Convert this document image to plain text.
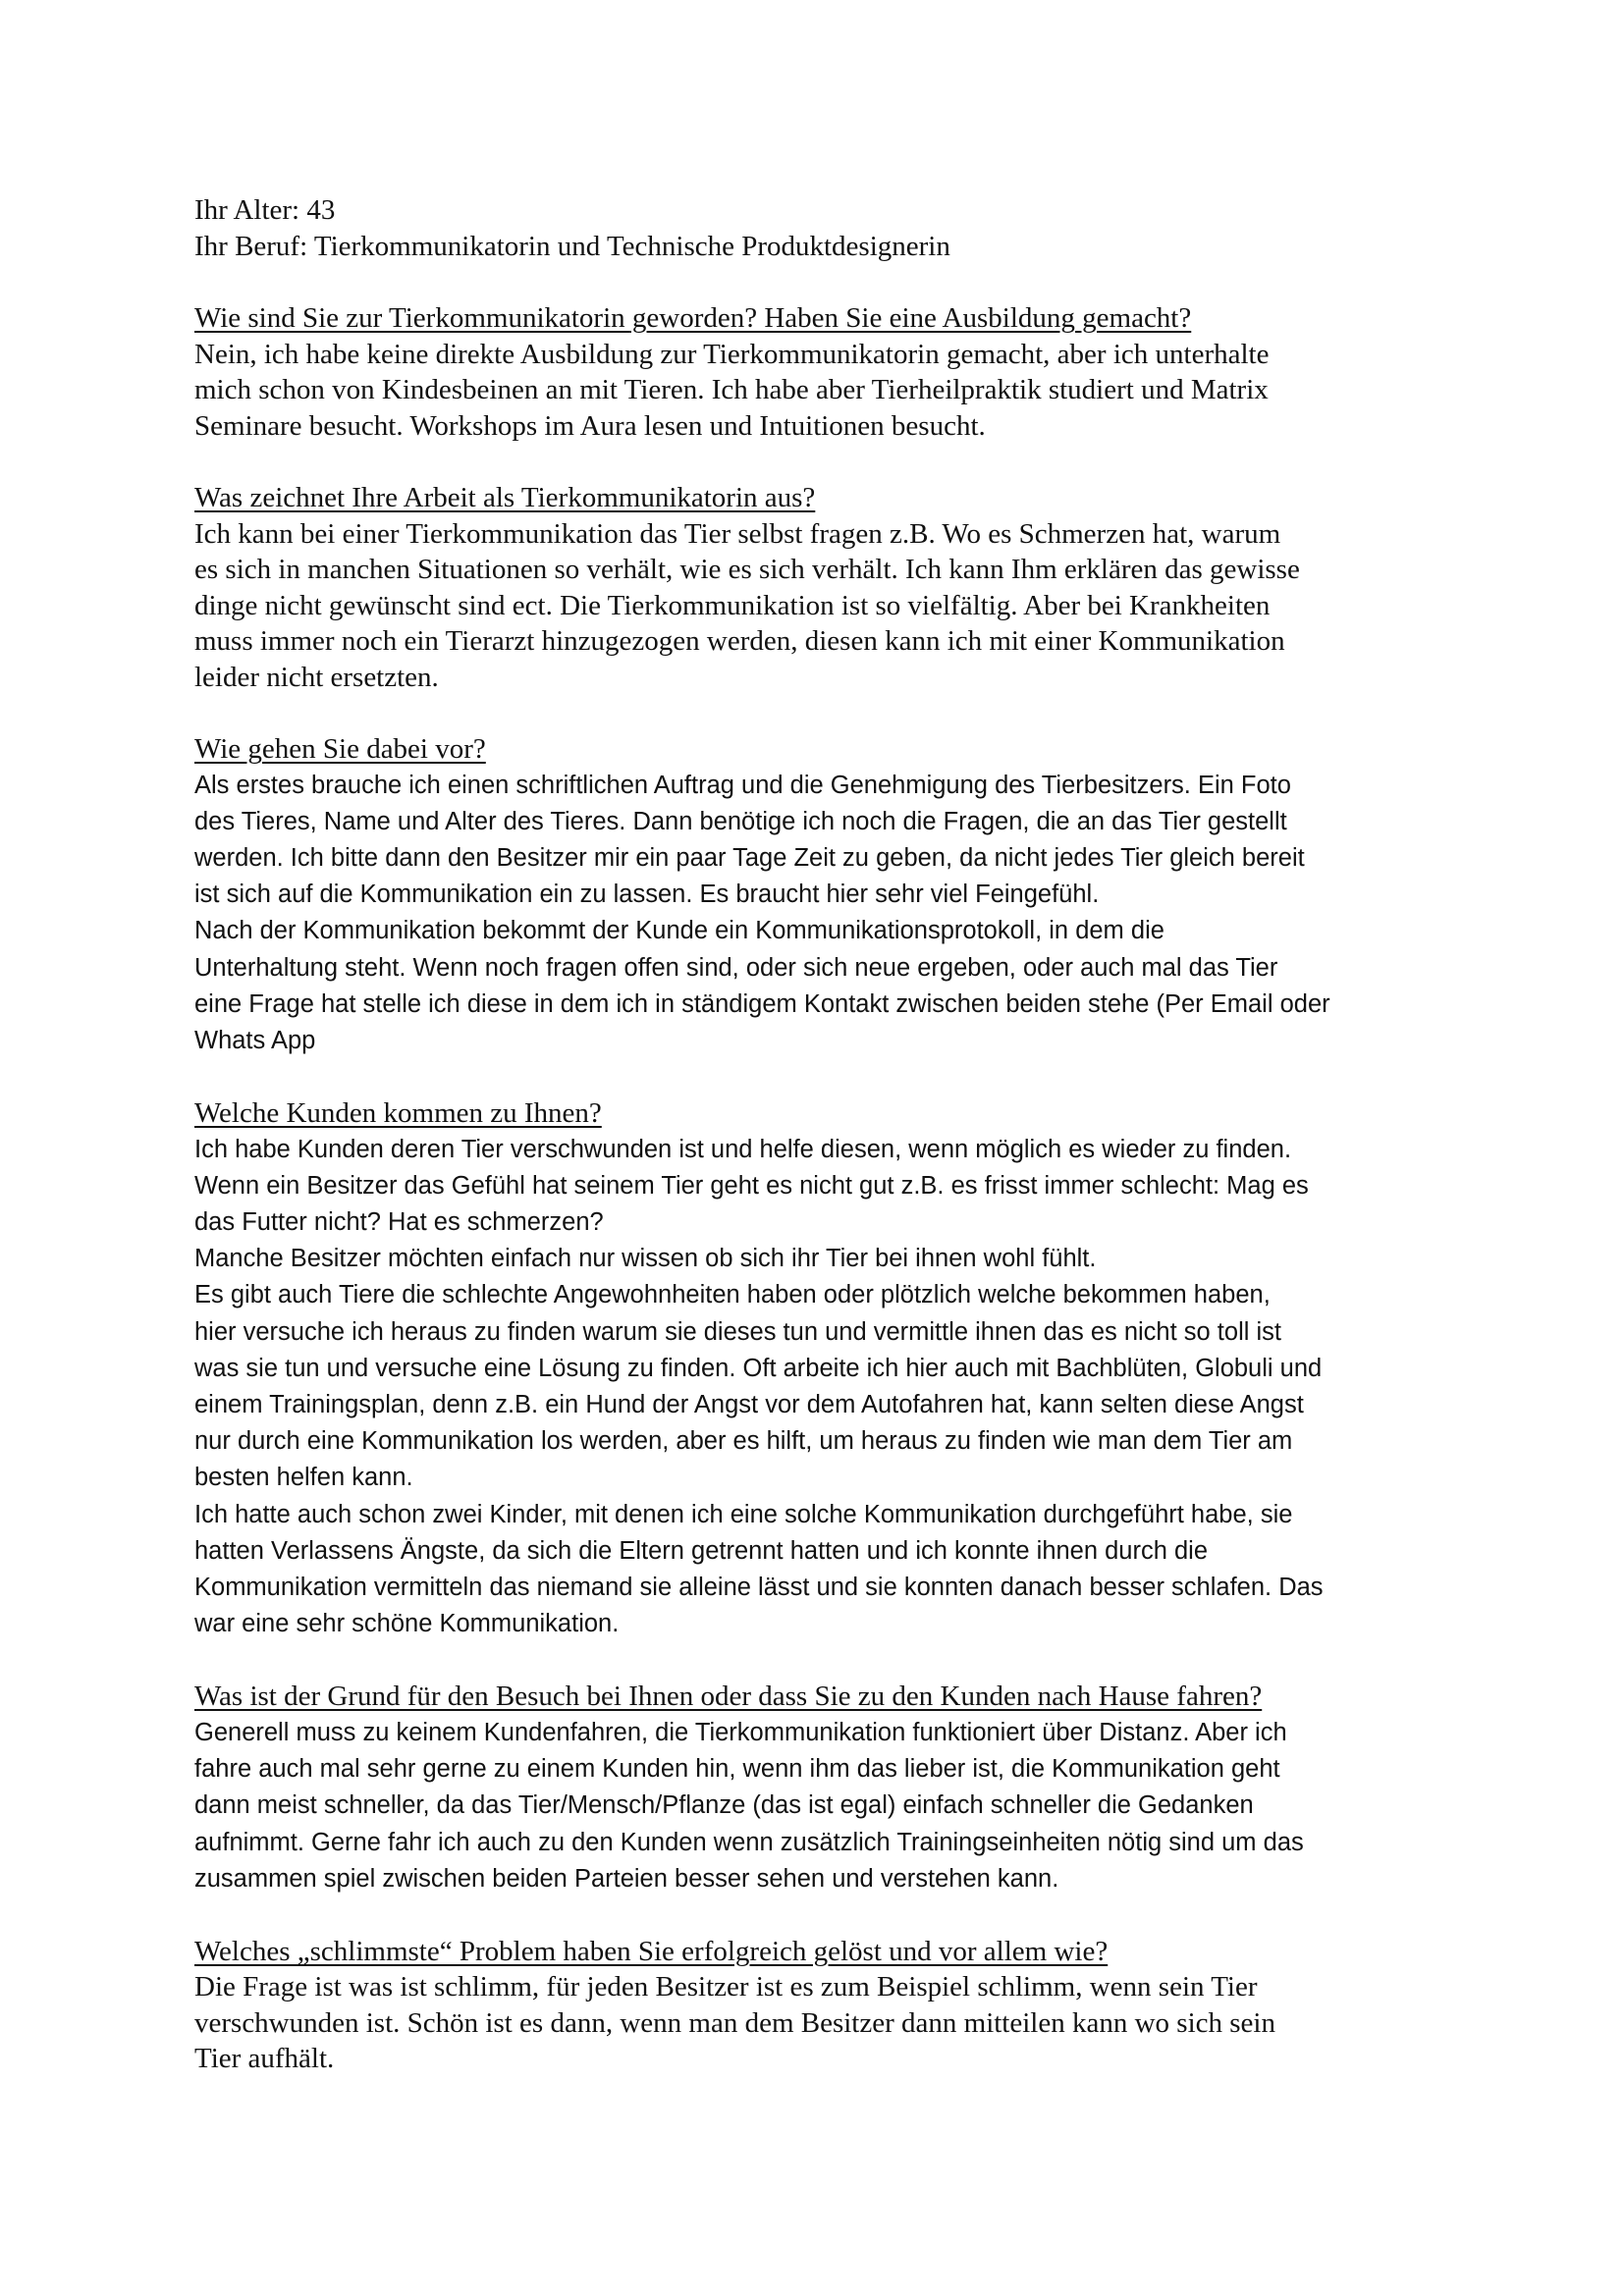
Ihr Alter: 43
Ihr Beruf: Tierkommunikatorin und Technische Produktdesignerin
Wie sind Sie zur Tierkommunikatorin geworden? Haben Sie eine Ausbildung gemacht?
Nein, ich habe keine direkte Ausbildung zur Tierkommunikatorin gemacht, aber ich unterhalte
mich schon von Kindesbeinen an mit Tieren. Ich habe aber Tierheilpraktik studiert und Matrix
Seminare besucht. Workshops im Aura lesen und Intuitionen besucht.
Was zeichnet Ihre Arbeit als Tierkommunikatorin aus?
Ich kann bei einer Tierkommunikation das Tier selbst fragen z.B. Wo es Schmerzen hat, warum
es sich in manchen Situationen so verhält, wie es sich verhält. Ich kann Ihm erklären das gewisse
dinge nicht gewünscht sind ect. Die Tierkommunikation ist so vielfältig. Aber bei Krankheiten
muss immer noch ein Tierarzt hinzugezogen werden, diesen kann ich mit einer Kommunikation
leider nicht ersetzten.
Wie gehen Sie dabei vor?
Als erstes brauche ich einen schriftlichen Auftrag und die Genehmigung des Tierbesitzers. Ein Foto
des Tieres, Name und Alter des Tieres. Dann benötige ich noch die Fragen, die an das Tier gestellt
werden. Ich bitte dann den Besitzer mir ein paar Tage Zeit zu geben, da nicht jedes Tier gleich bereit
ist sich auf die Kommunikation ein zu lassen. Es braucht hier sehr viel Feingefühl.
Nach der Kommunikation bekommt der Kunde ein Kommunikationsprotokoll, in dem die
Unterhaltung steht. Wenn noch fragen offen sind, oder sich neue ergeben, oder auch mal das Tier
eine Frage hat stelle ich diese in dem ich in ständigem Kontakt zwischen beiden stehe (Per Email oder
Whats App
Welche Kunden kommen zu Ihnen?
Ich habe Kunden deren Tier verschwunden ist und helfe diesen, wenn möglich es wieder zu finden.
Wenn ein Besitzer das Gefühl hat seinem Tier geht es nicht gut z.B. es frisst immer schlecht: Mag es
das Futter nicht? Hat es schmerzen?
Manche Besitzer möchten einfach nur wissen ob sich ihr Tier bei ihnen wohl fühlt.
Es gibt auch Tiere die schlechte Angewohnheiten haben oder plötzlich welche bekommen haben,
hier versuche ich heraus zu finden warum sie dieses tun und vermittle ihnen das es nicht so toll ist
was sie tun und versuche eine Lösung zu finden. Oft arbeite ich hier auch mit Bachblüten, Globuli und
einem Trainingsplan, denn z.B. ein Hund der Angst vor dem Autofahren hat, kann selten diese Angst
nur durch eine Kommunikation los werden, aber es hilft, um heraus zu finden wie man dem Tier am
besten helfen kann.
Ich hatte auch schon zwei Kinder, mit denen ich eine solche Kommunikation durchgeführt habe, sie
hatten Verlassens Ängste, da sich die Eltern getrennt hatten und ich konnte ihnen durch die
Kommunikation vermitteln das niemand sie alleine lässt und sie konnten danach besser schlafen. Das
war eine sehr schöne Kommunikation.
Was ist der Grund für den Besuch bei Ihnen oder dass Sie zu den Kunden nach Hause fahren?
Generell muss zu keinem Kundenfahren, die Tierkommunikation funktioniert über Distanz. Aber ich
fahre auch mal sehr gerne zu einem Kunden hin, wenn ihm das lieber ist, die Kommunikation geht
dann meist schneller, da das Tier/Mensch/Pflanze (das ist egal) einfach schneller die Gedanken
aufnimmt. Gerne fahr ich auch zu den Kunden wenn zusätzlich Trainingseinheiten nötig sind um das
zusammen spiel zwischen beiden Parteien besser sehen und verstehen kann.
Welches „schlimmste“ Problem haben Sie erfolgreich gelöst und vor allem wie?
Die Frage ist was ist schlimm, für jeden Besitzer ist es zum Beispiel schlimm, wenn sein Tier
verschwunden ist. Schön ist es dann, wenn man dem Besitzer dann mitteilen kann wo sich sein
Tier aufhält.
